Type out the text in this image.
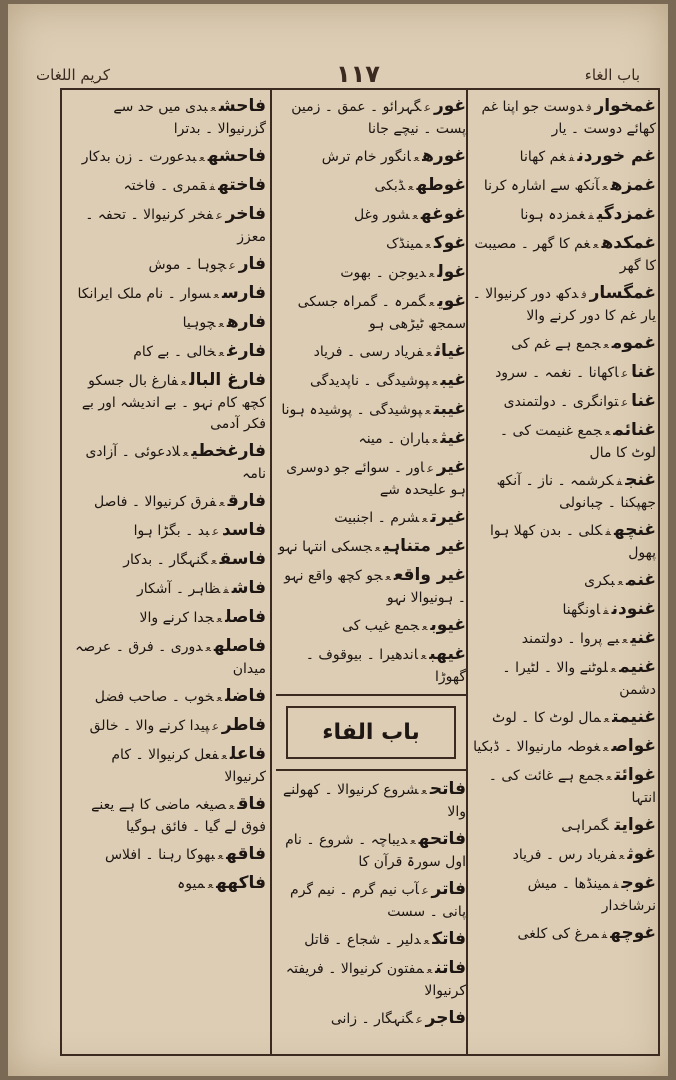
کریم اللغات	۱۱۷	باب الغاء
غمخوارفدوست جو اپنا غم کھائے دوست ۔ یار
غم خوردنفغم کھانا
غمزهعآنکھ سے اشارہ کرنا
غمزدگیفغمزدہ ہونا
غمکدهعغم کا گھر ۔ مصیبت کا گھر
غمگسارفدکھ دور کرنیوالا ۔ یار غم کا دور کرنے والا
غمومعجمع ہے غم کی
غناعاکھانا ۔ نغمہ ۔ سرود
غناعتوانگری ۔ دولتمندی
غنائمعجمع غنیمت کی ۔ لوٹ کا مال
غنجفکرشمہ ۔ ناز ۔ آنکھ جھپکنا ۔ چبانولی
غنچهفکلی ۔ بدن کھلا ہوا پھول
غنمعبکری
غنودنفاونگھنا
غنیعبے پروا ۔ دولتمند
غنیمعلوٹنے والا ۔ لٹیرا ۔ دشمن
غنیمتعمال لوٹ کا ۔ لوٹ
غواصعغوطہ مارنیوالا ۔ ڈبکیا
غوائتعجمع ہے غائت کی ۔ انتہا
غوایتگمراہی
غوثعفریاد رس ۔ فریاد
غوجفمینڈھا ۔ میش نرشاخدار
غوچهفمرغ کی کلغی
غورعگہرائو ۔ عمق ۔ زمین پست ۔ نیچے جانا
غورهعانگور خام ترش
غوطهعڈبکی
غوغهعشور وغل
غوکعمینڈک
غولعدیوجن ۔ بھوت
غویعگمرہ ۔ گمراہ جسکی سمجھ ٹیڑھی ہو
غیاثعفریاد رسی ۔ فریاد
غیبعپوشیدگی ۔ ناپدیدگی
غیبتعپوشیدگی ۔ پوشیدہ ہونا
غیثعباران ۔ مینہ
غیرعاور ۔ سوائے جو دوسری ہو علیحدہ شے
غیرتعشرم ۔ اجنبیت
غیر متناہیعجسکی انتہا نہو
غیر واقععجو کچھ واقع نہو ۔ ہونیوالا نہو
غیوبعجمع غیب کی
غیهبعاندھیرا ۔ بیوقوف ۔ گھوڑا
باب الفاء
فاتحعشروع کرنیوالا ۔ کھولنے والا
فاتحهعدیباچہ ۔ شروع ۔ نام اول سورۃ قرآن کا
فاترعآب نیم گرم ۔ نیم گرم پانی ۔ سست
فاتکعدلیر ۔ شجاع ۔ قاتل
فاتنعمفتون کرنیوالا ۔ فریفتہ کرنیوالا
فاجرعگنہگار ۔ زانی
فاحشعبدی میں حد سے گزرنیوالا ۔ بدترا
فاحشهعبدعورت ۔ زن بدکار
فاختهفقمری ۔ فاختہ
فاخرعفخر کرنیوالا ۔ تحفہ ۔ معزز
فارعچوہا ۔ موش
فارسعسوار ۔ نام ملک ایرانکا
فارهعچوہیا
فارغعخالی ۔ بے کام
فارغ البالعفارغ بال جسکو کچھ کام نہو ۔ بے اندیشہ اور بے فکر آدمی
فارغخطیعلادعوئی ۔ آزادی نامہ
فارقعفرق کرنیوالا ۔ فاصل
فاسدعبد ۔ بگڑا ہوا
فاسقعگنہگار ۔ بدکار
فاشفظاہر ۔ آشکار
فاصلعجدا کرنے والا
فاصلهعدوری ۔ فرق ۔ عرصہ میدان
فاضلعخوب ۔ صاحب فضل
فاطرعپیدا کرنے والا ۔ خالق
فاعلعفعل کرنیوالا ۔ کام کرنیوالا
فاقعصیغہ ماضی کا ہے یعنے فوق لے گیا ۔ فائق ہوگیا
فاقهعبھوکا رہنا ۔ افلاس
فاکههعمیوہ
